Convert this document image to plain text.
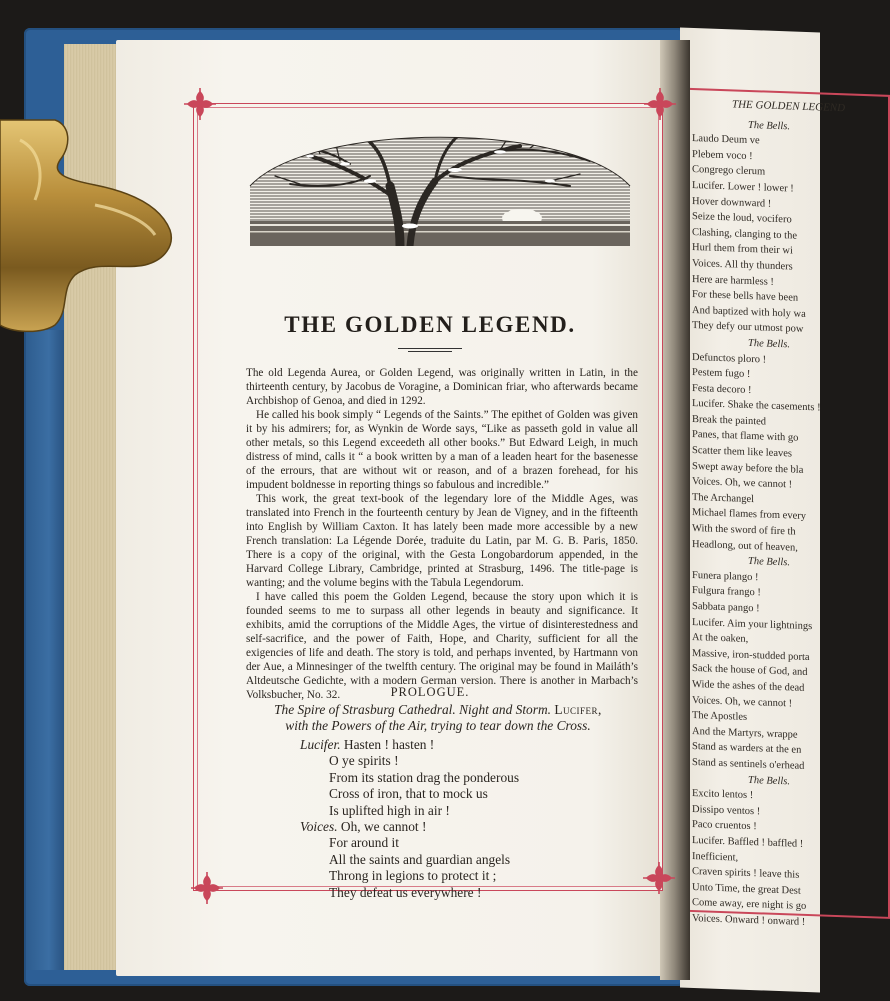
THE GOLDEN LEGEND
The Bells.
Laudo Deum ve
Plebem voco !
Congrego clerum
Lucifer. Lower ! lower !
Hover downward !
Seize the loud, vocifero
Clashing, clanging to the
Hurl them from their wi
Voices. All thy thunders
Here are harmless !
For these bells have been
And baptized with holy wa
They defy our utmost pow
The Bells.
Defunctos ploro !
Pestem fugo !
Festa decoro !
Lucifer. Shake the casements !
Break the painted
Panes, that flame with go
Scatter them like leaves
Swept away before the bla
Voices. Oh, we cannot !
The Archangel
Michael flames from every
With the sword of fire th
Headlong, out of heaven,
The Bells.
Funera plango !
Fulgura frango !
Sabbata pango !
Lucifer. Aim your lightnings
At the oaken,
Massive, iron-studded porta
Sack the house of God, and
Wide the ashes of the dead
Voices. Oh, we cannot !
The Apostles
And the Martyrs, wrappe
Stand as warders at the en
Stand as sentinels o'erhead
The Bells.
Excito lentos !
Dissipo ventos !
Paco cruentos !
Lucifer. Baffled ! baffled !
Inefficient,
Craven spirits ! leave this
Unto Time, the great Dest
Come away, ere night is go
Voices. Onward ! onward !
THE GOLDEN LEGEND.

The old Legenda Aurea, or Golden Legend, was originally written in Latin, in the thirteenth century, by Jacobus de Voragine, a Dominican friar, who afterwards became Archbishop of Genoa, and died in 1292.

He called his book simply “ Legends of the Saints.” The epithet of Golden was given it by his admirers; for, as Wynkin de Worde says, “Like as passeth gold in value all other metals, so this Legend exceedeth all other books.” But Edward Leigh, in much distress of mind, calls it “ a book written by a man of a leaden heart for the basenesse of the errours, that are without wit or reason, and of a brazen forehead, for his impudent boldnesse in reporting things so fabulous and incredible.”

This work, the great text-book of the legendary lore of the Middle Ages, was translated into French in the fourteenth century by Jean de Vigney, and in the fifteenth into English by William Caxton. It has lately been made more accessible by a new French translation: La Légende Dorée, traduite du Latin, par M. G. B. Paris, 1850. There is a copy of the original, with the Gesta Longobardorum appended, in the Harvard College Library, Cambridge, printed at Strasburg, 1496. The title-page is wanting; and the volume begins with the Tabula Legendorum.

I have called this poem the Golden Legend, because the story upon which it is founded seems to me to surpass all other legends in beauty and significance. It exhibits, amid the corruptions of the Middle Ages, the virtue of disinterestedness and self-sacrifice, and the power of Faith, Hope, and Charity, sufficient for all the exigencies of life and death. The story is told, and perhaps invented, by Hartmann von der Aue, a Minnesinger of the twelfth century. The original may be found in Mailáth’s Altdeutsche Gedichte, with a modern German version. There is another in Marbach’s Volksbucher, No. 32.	PROLOGUE.
The Spire of Strasburg Cathedral. Night and Storm. Lucifer,
with the Powers of the Air, trying to tear down the Cross.
Lucifer. Hasten ! hasten !
O ye spirits !
From its station drag the ponderous
Cross of iron, that to mock us
Is uplifted high in air !
Voices. Oh, we cannot !
For around it
All the saints and guardian angels
Throng in legions to protect it ;
They defeat us everywhere !
